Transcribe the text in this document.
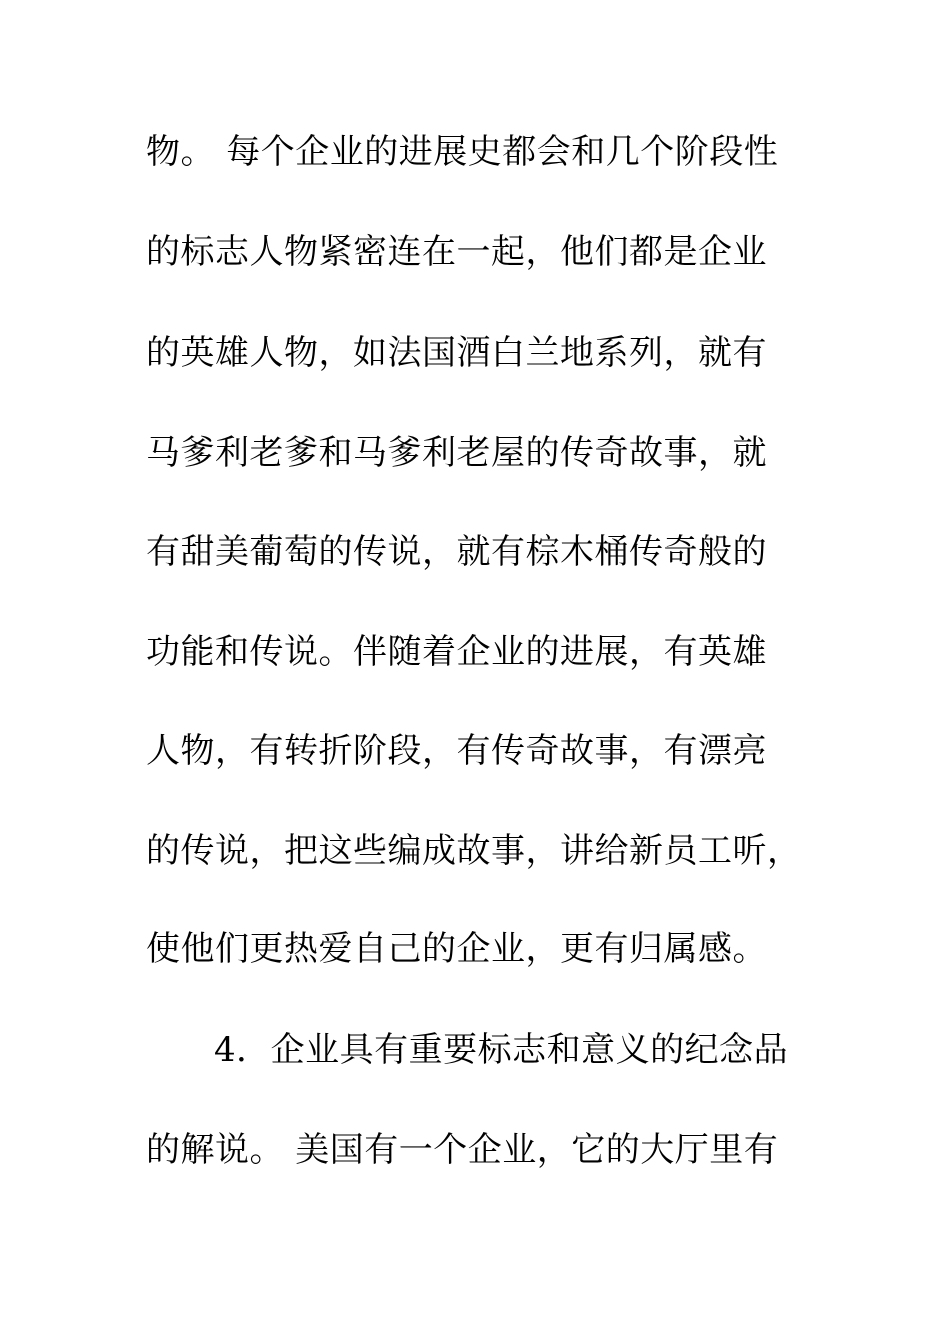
物。 每个企业的进展史都会和几个阶段性
的标志人物紧密连在一起，他们都是企业
的英雄人物，如法国酒白兰地系列，就有
马爹利老爹和马爹利老屋的传奇故事，就
有甜美葡萄的传说，就有棕木桶传奇般的
功能和传说。伴随着企业的进展，有英雄
人物，有转折阶段，有传奇故事，有漂亮
的传说，把这些编成故事，讲给新员工听，
使他们更热爱自己的企业，更有归属感。
4．企业具有重要标志和意义的纪念品
的解说。 美国有一个企业，它的大厅里有
